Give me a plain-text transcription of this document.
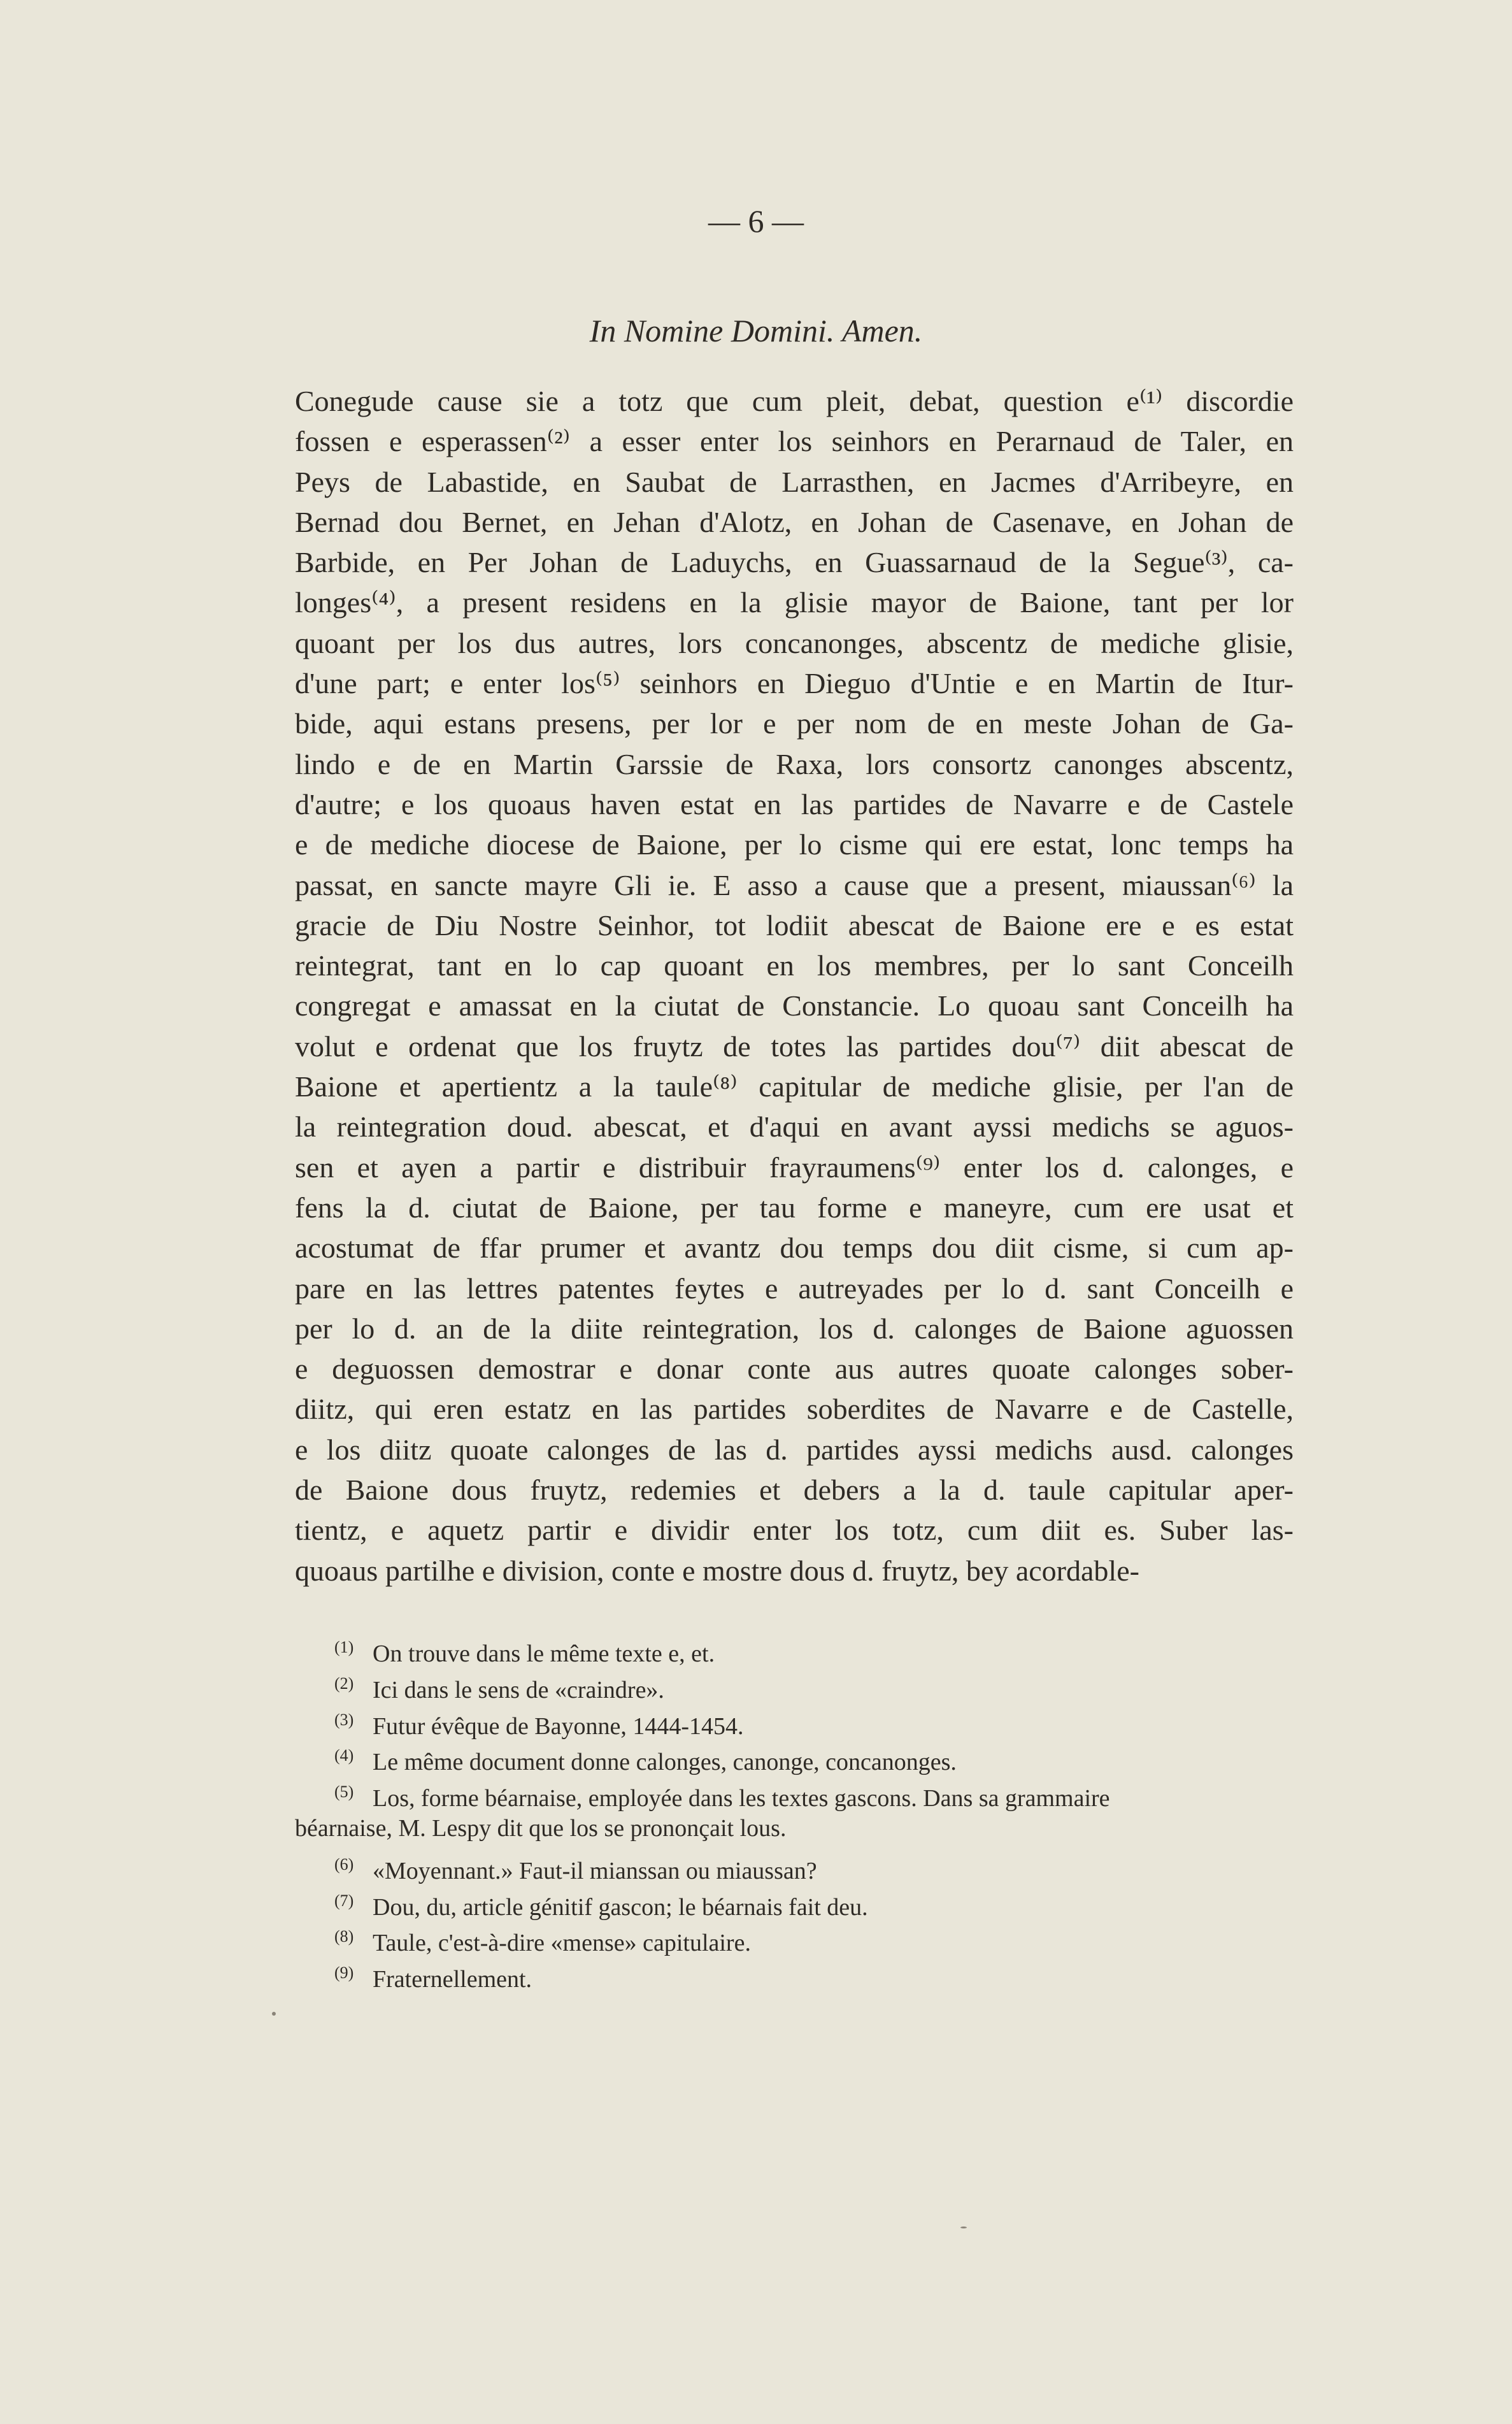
— 6 —
In Nomine Domini. Amen.
Conegude cause sie a totz que cum pleit, debat, question e⁽¹⁾ discordie
fossen e esperassen⁽²⁾ a esser enter los seinhors en Perarnaud de Taler, en
Peys de Labastide, en Saubat de Larrasthen, en Jacmes d'Arribeyre, en
Bernad dou Bernet, en Jehan d'Alotz, en Johan de Casenave, en Johan de
Barbide, en Per Johan de Laduychs, en Guassarnaud de la Segue⁽³⁾, ca-
longes⁽⁴⁾, a present residens en la glisie mayor de Baione, tant per lor
quoant per los dus autres, lors concanonges, abscentz de mediche glisie,
d'une part; e enter los⁽⁵⁾ seinhors en Dieguo d'Untie e en Martin de Itur-
bide, aqui estans presens, per lor e per nom de en meste Johan de Ga-
lindo e de en Martin Garssie de Raxa, lors consortz canonges abscentz,
d'autre; e los quoaus haven estat en las partides de Navarre e de Castele
e de mediche diocese de Baione, per lo cisme qui ere estat, lonc temps ha
passat, en sancte mayre Gli ie. E asso a cause que a present, miaussan⁽⁶⁾ la
gracie de Diu Nostre Seinhor, tot lodiit abescat de Baione ere e es estat
reintegrat, tant en lo cap quoant en los membres, per lo sant Conceilh
congregat e amassat en la ciutat de Constancie. Lo quoau sant Conceilh ha
volut e ordenat que los fruytz de totes las partides dou⁽⁷⁾ diit abescat de
Baione et apertientz a la taule⁽⁸⁾ capitular de mediche glisie, per l'an de
la reintegration doud. abescat, et d'aqui en avant ayssi medichs se aguos-
sen et ayen a partir e distribuir frayraumens⁽⁹⁾ enter los d. calonges, e
fens la d. ciutat de Baione, per tau forme e maneyre, cum ere usat et
acostumat de ffar prumer et avantz dou temps dou diit cisme, si cum ap-
pare en las lettres patentes feytes e autreyades per lo d. sant Conceilh e
per lo d. an de la diite reintegration, los d. calonges de Baione aguossen
e deguossen demostrar e donar conte aus autres quoate calonges sober-
diitz, qui eren estatz en las partides soberdites de Navarre e de Castelle,
e los diitz quoate calonges de las d. partides ayssi medichs ausd. calonges
de Baione dous fruytz, redemies et debers a la d. taule capitular aper-
tientz, e aquetz partir e dividir enter los totz, cum diit es. Suber las-
quoaus partilhe e division, conte e mostre dous d. fruytz, bey acordable-
(1) On trouve dans le même texte e, et.
(2) Ici dans le sens de «craindre».
(3) Futur évêque de Bayonne, 1444-1454.
(4) Le même document donne calonges, canonge, concanonges.
(5) Los, forme béarnaise, employée dans les textes gascons. Dans sa grammaire
béarnaise, M. Lespy dit que los se prononçait lous.
(6) «Moyennant.» Faut-il mianssan ou miaussan?
(7) Dou, du, article génitif gascon; le béarnais fait deu.
(8) Taule, c'est-à-dire «mense» capitulaire.
(9) Fraternellement.
